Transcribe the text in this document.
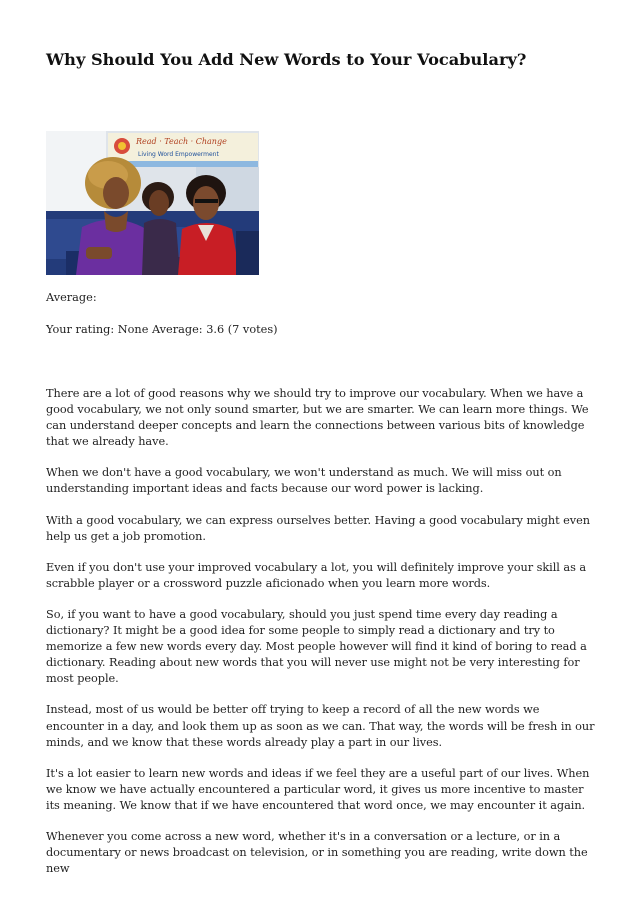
Why Should You Add New Words to Your Vocabulary?
Read · Teach · Change
Living Word Empowerment

Average:

Your rating: None Average: 3.6 (7 votes)

There are a lot of good reasons why we should try to improve our vocabulary. When we have a good vocabulary, we not only sound smarter, but we are smarter. We can learn more things. We can understand deeper concepts and learn the connections between various bits of knowledge that we already have.

When we don't have a good vocabulary, we won't understand as much. We will miss out on understanding important ideas and facts because our word power is lacking.

With a good vocabulary, we can express ourselves better. Having a good vocabulary might even help us get a job promotion.

Even if you don't use your improved vocabulary a lot, you will definitely improve your skill as a scrabble player or a crossword puzzle aficionado when you learn more words.

So, if you want to have a good vocabulary, should you just spend time every day reading a dictionary? It might be a good idea for some people to simply read a dictionary and try to memorize a few new words every day. Most people however will find it kind of boring to read a dictionary. Reading about new words that you will never use might not be very interesting for most people.

Instead, most of us would be better off trying to keep a record of all the new words we encounter in a day, and look them up as soon as we can. That way, the words will be fresh in our minds, and we know that these words already play a part in our lives.

It's a lot easier to learn new words and ideas if we feel they are a useful part of our lives. When we know we have actually encountered a particular word, it gives us more incentive to master its meaning. We know that if we have encountered that word once, we may encounter it again.

Whenever you come across a new word, whether it's in a conversation or a lecture, or in a documentary or news broadcast on television, or in something you are reading, write down the new
